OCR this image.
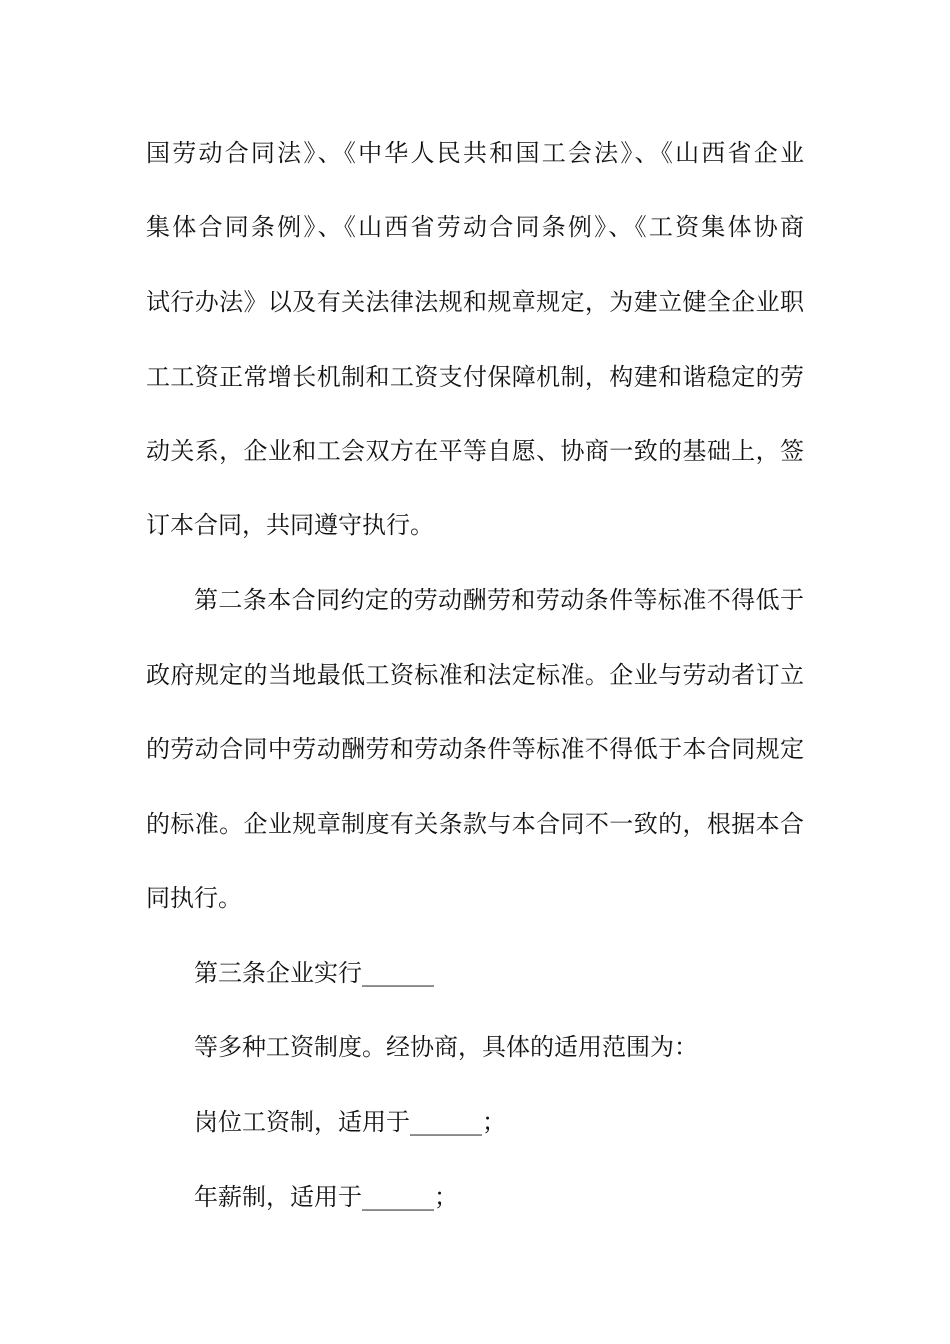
国劳动合同法》、《中华人民共和国工会法》、《山西省企业
集体合同条例》、《山西省劳动合同条例》、《工资集体协商
试行办法》以及有关法律法规和规章规定，为建立健全企业职
工工资正常增长机制和工资支付保障机制，构建和谐稳定的劳
动关系，企业和工会双方在平等自愿、协商一致的基础上，签
订本合同，共同遵守执行。
第二条本合同约定的劳动酬劳和劳动条件等标准不得低于
政府规定的当地最低工资标准和法定标准。企业与劳动者订立
的劳动合同中劳动酬劳和劳动条件等标准不得低于本合同规定
的标准。企业规章制度有关条款与本合同不一致的，根据本合
同执行。
第三条企业实行______
等多种工资制度。经协商，具体的适用范围为：
岗位工资制，适用于______；
年薪制，适用于______；
